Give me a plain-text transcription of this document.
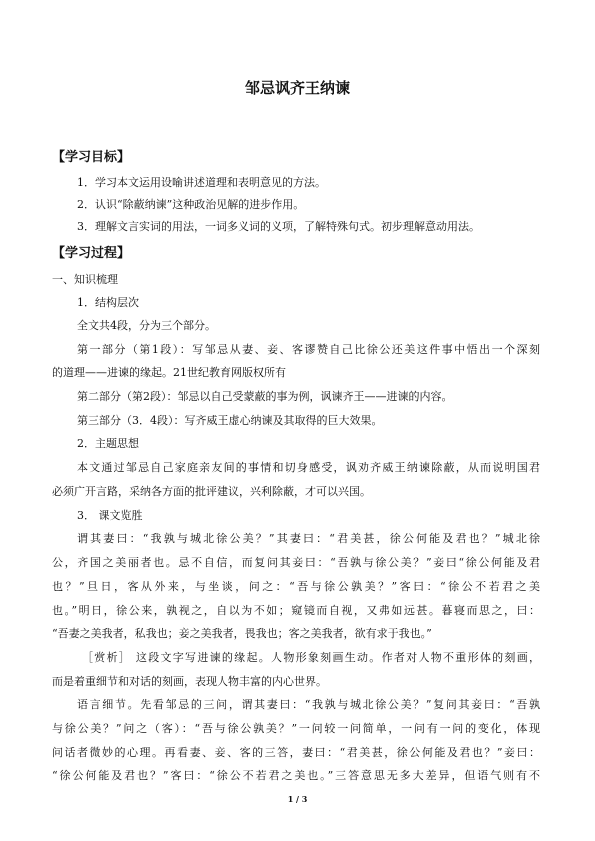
邹忌讽齐王纳谏
【学习目标】
1．学习本文运用设喻讲述道理和表明意见的方法。
2．认识“除蔽纳谏”这种政治见解的进步作用。
3．理解文言实词的用法，一词多义词的义项，了解特殊句式。初步理解意动用法。
【学习过程】
一、知识梳理
1．结构层次
全文共4段，分为三个部分。
第一部分（第1段）：写邹忌从妻、妾、客谬赞自己比徐公还美这件事中悟出一个深刻
的道理——进谏的缘起。21世纪教育网版权所有
第二部分（第2段）：邹忌以自己受蒙蔽的事为例，讽谏齐王——进谏的内容。
第三部分（3．4段）：写齐威王虚心纳谏及其取得的巨大效果。
2．主题思想
本文通过邹忌自己家庭亲友间的事情和切身感受，讽劝齐威王纳谏除蔽，从而说明国君
必须广开言路，采纳各方面的批评建议，兴利除蔽，才可以兴国。
3． 课文览胜
谓其妻曰：“我孰与城北徐公美？”其妻曰：“君美甚，徐公何能及君也？”城北徐
公，齐国之美丽者也。忌不自信，而复问其妾曰：“吾孰与徐公美？”妾曰“徐公何能及君
也？”旦日，客从外来，与坐谈，问之：“吾与徐公孰美？”客曰：“徐公不若君之美
也。”明日，徐公来，孰视之，自以为不如；窥镜而自视，又弗如远甚。暮寝而思之，曰：
“吾妻之美我者，私我也；妾之美我者，畏我也；客之美我者，欲有求于我也。”
［赏析］ 这段文字写进谏的缘起。人物形象刻画生动。作者对人物不重形体的刻画，
而是着重细节和对话的刻画，表现人物丰富的内心世界。
语言细节。先看邹忌的三问，谓其妻曰：“我孰与城北徐公美？”复问其妾曰：“吾孰
与徐公美？”问之（客）：“吾与徐公孰美？”一问较一问简单，一问有一问的变化，体现
问话者微妙的心理。再看妻、妾、客的三答，妻曰：“君美甚，徐公何能及君也？”妾曰：
“徐公何能及君也？”客曰：“徐公不若君之美也。”三答意思无多大差异，但语气则有不
1 / 3
